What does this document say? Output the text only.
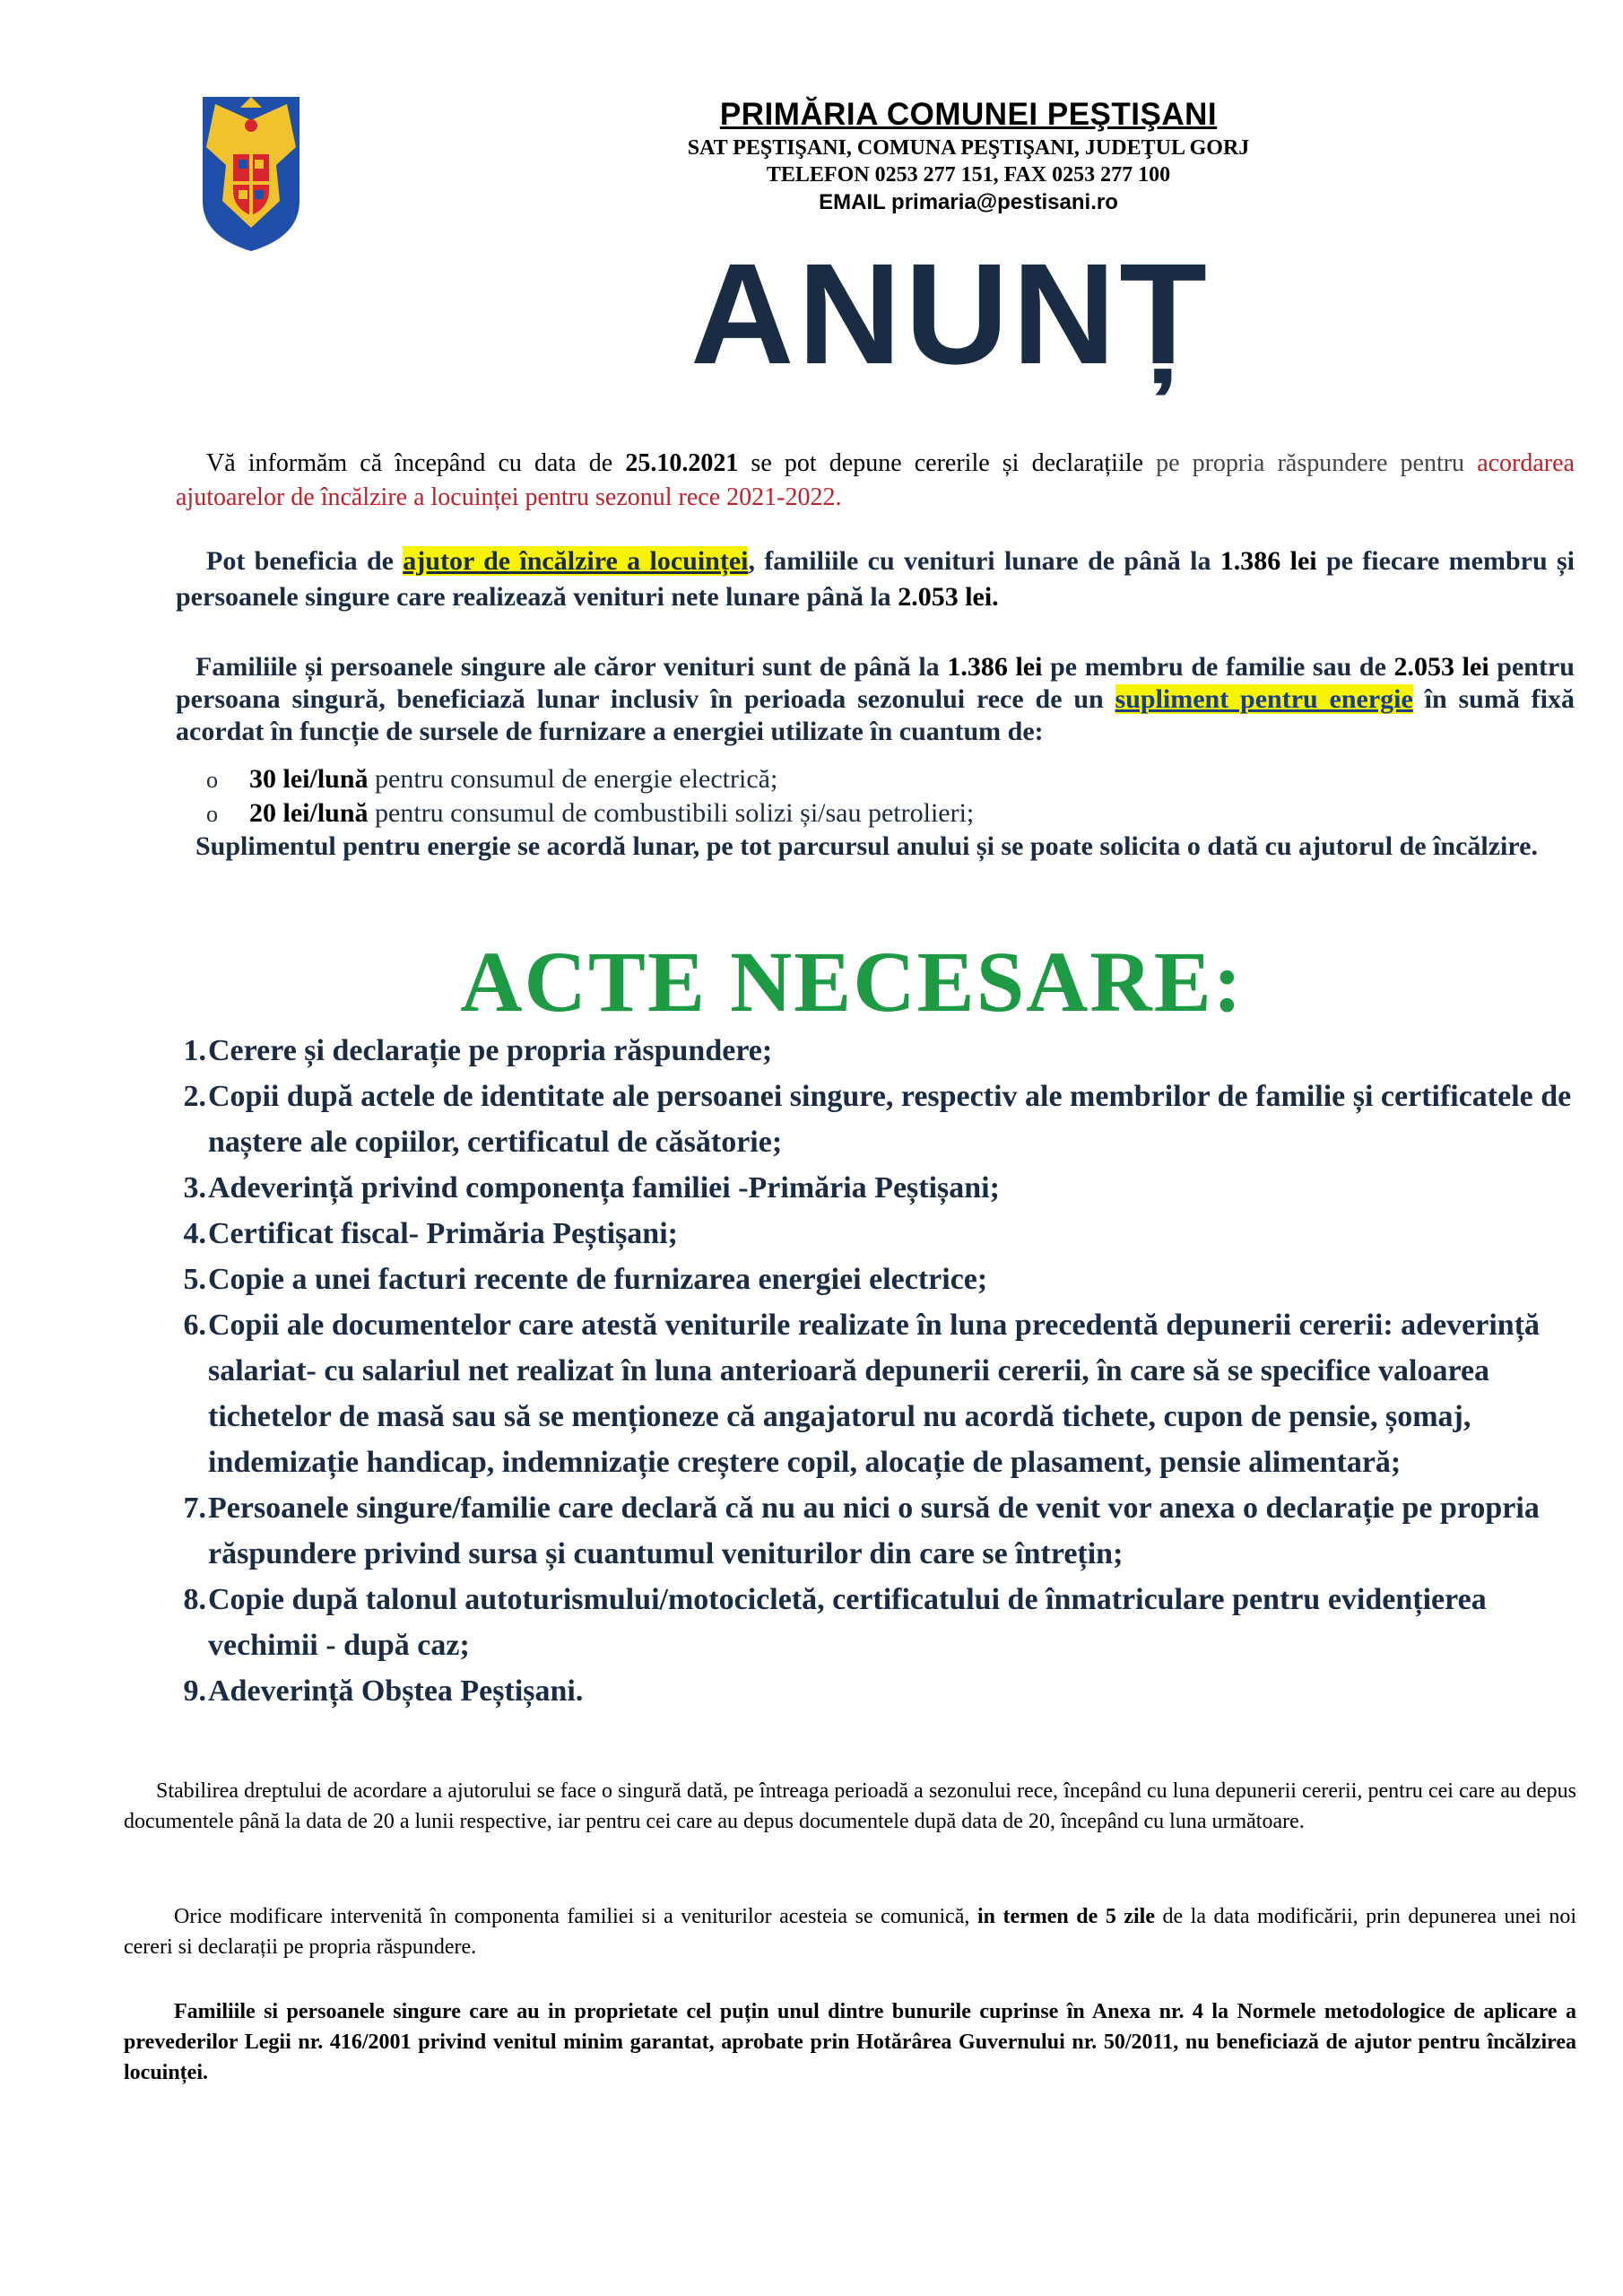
PRIMĂRIA COMUNEI PEŞTIŞANI
SAT PEŞTIŞANI, COMUNA PEŞTIŞANI, JUDEŢUL GORJ
TELEFON 0253 277 151, FAX 0253 277 100
EMAIL primaria@pestisani.ro
ANUNȚ
Vă informăm că începând cu data de 25.10.2021 se pot depune cererile și declarațiile pe propria răspundere pentru acordarea ajutoarelor de încălzire a locuinței pentru sezonul rece 2021-2022.
Pot beneficia de ajutor de încălzire a locuinței, familiile cu venituri lunare de până la 1.386 lei pe fiecare membru și persoanele singure care realizează venituri nete lunare până la 2.053 lei.
Familiile și persoanele singure ale căror venituri sunt de până la 1.386 lei pe membru de familie sau de 2.053 lei pentru persoana singură, beneficiază lunar inclusiv în perioada sezonului rece de un supliment pentru energie în sumă fixă acordat în funcție de sursele de furnizare a energiei utilizate în cuantum de:
o 30 lei/lună pentru consumul de energie electrică;
o 20 lei/lună pentru consumul de combustibili solizi și/sau petrolieri;
Suplimentul pentru energie se acordă lunar, pe tot parcursul anului și se poate solicita o dată cu ajutorul de încălzire.
ACTE NECESARE:
1. Cerere și declarație pe propria răspundere;
2. Copii după actele de identitate ale persoanei singure, respectiv ale membrilor de familie și certificatele de naștere ale copiilor, certificatul de căsătorie;
3. Adeverință privind componența familiei -Primăria Peștișani;
4. Certificat fiscal- Primăria Peștișani;
5. Copie a unei facturi recente de furnizarea energiei electrice;
6. Copii ale documentelor care atestă veniturile realizate în luna precedentă depunerii cererii: adeverință salariat- cu salariul net realizat în luna anterioară depunerii cererii, în care să se specifice valoarea tichetelor de masă sau să se menționeze că angajatorul nu acordă tichete, cupon de pensie, șomaj, indemizație handicap, indemnizație creștere copil, alocație de plasament, pensie alimentară;
7. Persoanele singure/familie care declară că nu au nici o sursă de venit vor anexa o declarație pe propria răspundere privind sursa și cuantumul veniturilor din care se întrețin;
8. Copie după talonul autoturismului/motocicletă, certificatului de înmatriculare pentru evidențierea vechimii - după caz;
9. Adeverință Obștea Peștișani.
Stabilirea dreptului de acordare a ajutorului se face o singură dată, pe întreaga perioadă a sezonului rece, începând cu luna depunerii cererii, pentru cei care au depus documentele până la data de 20 a lunii respective, iar pentru cei care au depus documentele după data de 20, începând cu luna următoare.
Orice modificare intervenită în componenta familiei si a veniturilor acesteia se comunică, in termen de 5 zile de la data modificării, prin depunerea unei noi cereri si declarații pe propria răspundere.
Familiile si persoanele singure care au in proprietate cel puțin unul dintre bunurile cuprinse în Anexa nr. 4 la Normele metodologice de aplicare a prevederilor Legii nr. 416/2001 privind venitul minim garantat, aprobate prin Hotărârea Guvernului nr. 50/2011, nu beneficiază de ajutor pentru încălzirea locuinței.
